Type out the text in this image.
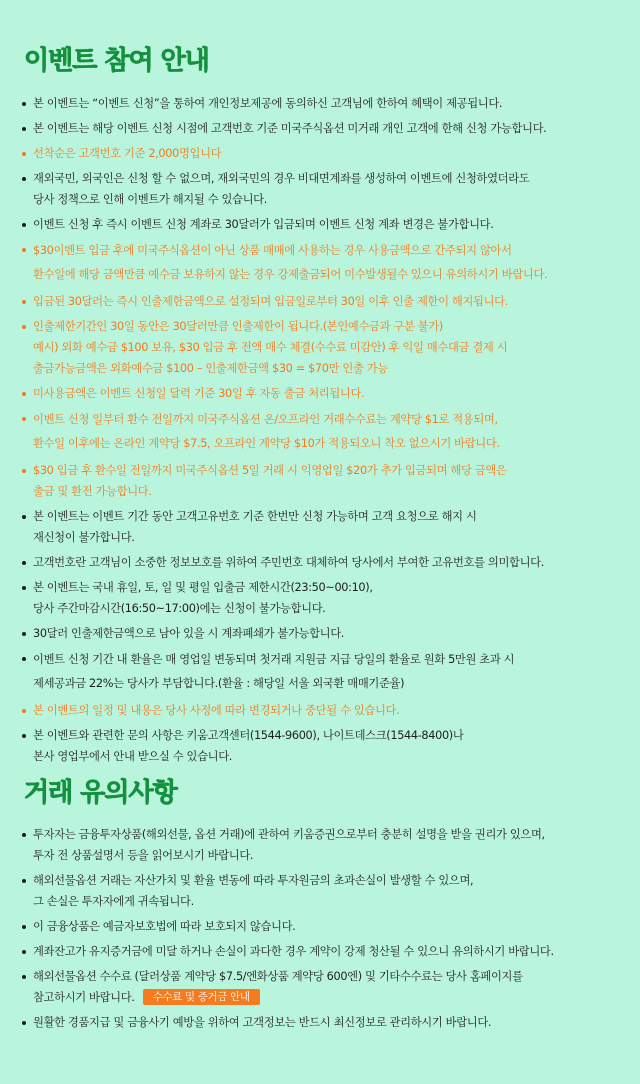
이벤트 참여 안내
본 이벤트는 “이벤트 신청”을 통하여 개인정보제공에 동의하신 고객님에 한하여 혜택이 제공됩니다.
본 이벤트는 해당 이벤트 신청 시점에 고객번호 기준 미국주식옵션 미거래 개인 고객에 한해 신청 가능합니다.
선착순은 고객번호 기준 2,000명입니다
재외국민, 외국인은 신청 할 수 없으며, 재외국민의 경우 비대면계좌를 생성하여 이벤트에 신청하였더라도
당사 정책으로 인해 이벤트가 해지될 수 있습니다.
이벤트 신청 후 즉시 이벤트 신청 계좌로 30달러가 입금되며 이벤트 신청 계좌 변경은 불가합니다.
$30이벤트 입금 후에 미국주식옵션이 아닌 상품 매매에 사용하는 경우 사용금액으로 간주되지 않아서
환수일에 해당 금액만큼 예수금 보유하지 않는 경우 강제출금되어 미수발생될수 있으니 유의하시기 바랍니다.
입금된 30달러는 즉시 인출제한금액으로 설정되며 입금일로부터 30일 이후 인출 제한이 해지됩니다.
인출제한기간인 30일 동안은 30달러만큼 인출제한이 됩니다.(본인예수금과 구분 불가)
예시) 외화 예수금 $100 보유, $30 입금 후 전액 매수 체결(수수료 미감안) 후 익일 매수대금 결제 시
출금가능금액은 외화예수금 $100 – 인출제한금액 $30 = $70만 인출 가능
미사용금액은 이벤트 신청일 달력 기준 30일 후 자동 출금 처리됩니다.
이벤트 신청 일부터 환수 전일까지 미국주식옵션 온/오프라인 거래수수료는 계약당 $1로 적용되며,
환수일 이후에는 온라인 계약당 $7.5, 오프라인 계약당 $10가 적용되오니 착오 없으시기 바랍니다.
$30 입금 후 환수일 전일까지 미국주식옵션 5일 거래 시 익영업일 $20가 추가 입금되며 해당 금액은
출금 및 환전 가능합니다.
본 이벤트는 이벤트 기간 동안 고객고유번호 기준 한번만 신청 가능하며 고객 요청으로 해지 시
재신청이 불가합니다.
고객번호란 고객님이 소중한 정보보호를 위하여 주민번호 대체하여 당사에서 부여한 고유번호를 의미합니다.
본 이벤트는 국내 휴일, 토, 일 및 평일 입출금 제한시간(23:50~00:10),
당사 주간마감시간(16:50~17:00)에는 신청이 불가능합니다.
30달러 인출제한금액으로 남아 있을 시 계좌폐쇄가 불가능합니다.
이벤트 신청 기간 내 환율은 매 영업일 변동되며 첫거래 지원금 지급 당일의 환율로 원화 5만원 초과 시
제세공과금 22%는 당사가 부담합니다.(환율 : 해당일 서울 외국환 매매기준율)
본 이벤트의 일정 및 내용은 당사 사정에 따라 변경되거나 중단될 수 있습니다.
본 이벤트와 관련한 문의 사항은 키움고객센터(1544-9600), 나이트데스크(1544-8400)나
본사 영업부에서 안내 받으실 수 있습니다.
거래 유의사항
투자자는 금융투자상품(해외선물, 옵션 거래)에 관하여 키움증권으로부터 충분히 설명을 받을 권리가 있으며,
투자 전 상품설명서 등을 읽어보시기 바랍니다.
해외선물옵션 거래는 자산가치 및 환율 변동에 따라 투자원금의 초과손실이 발생할 수 있으며,
그 손실은 투자자에게 귀속됩니다.
이 금융상품은 예금자보호법에 따라 보호되지 않습니다.
계좌잔고가 유지증거금에 미달 하거나 손실이 과다한 경우 계약이 강제 청산될 수 있으니 유의하시기 바랍니다.
해외선물옵션 수수료 (달러상품 계약당 $7.5/엔화상품 계약당 600엔) 및 기타수수료는 당사 홈페이지를
참고하시기 바랍니다. 수수료 및 증거금 안내
원활한 경품지급 및 금융사기 예방을 위하여 고객정보는 반드시 최신정보로 관리하시기 바랍니다.
